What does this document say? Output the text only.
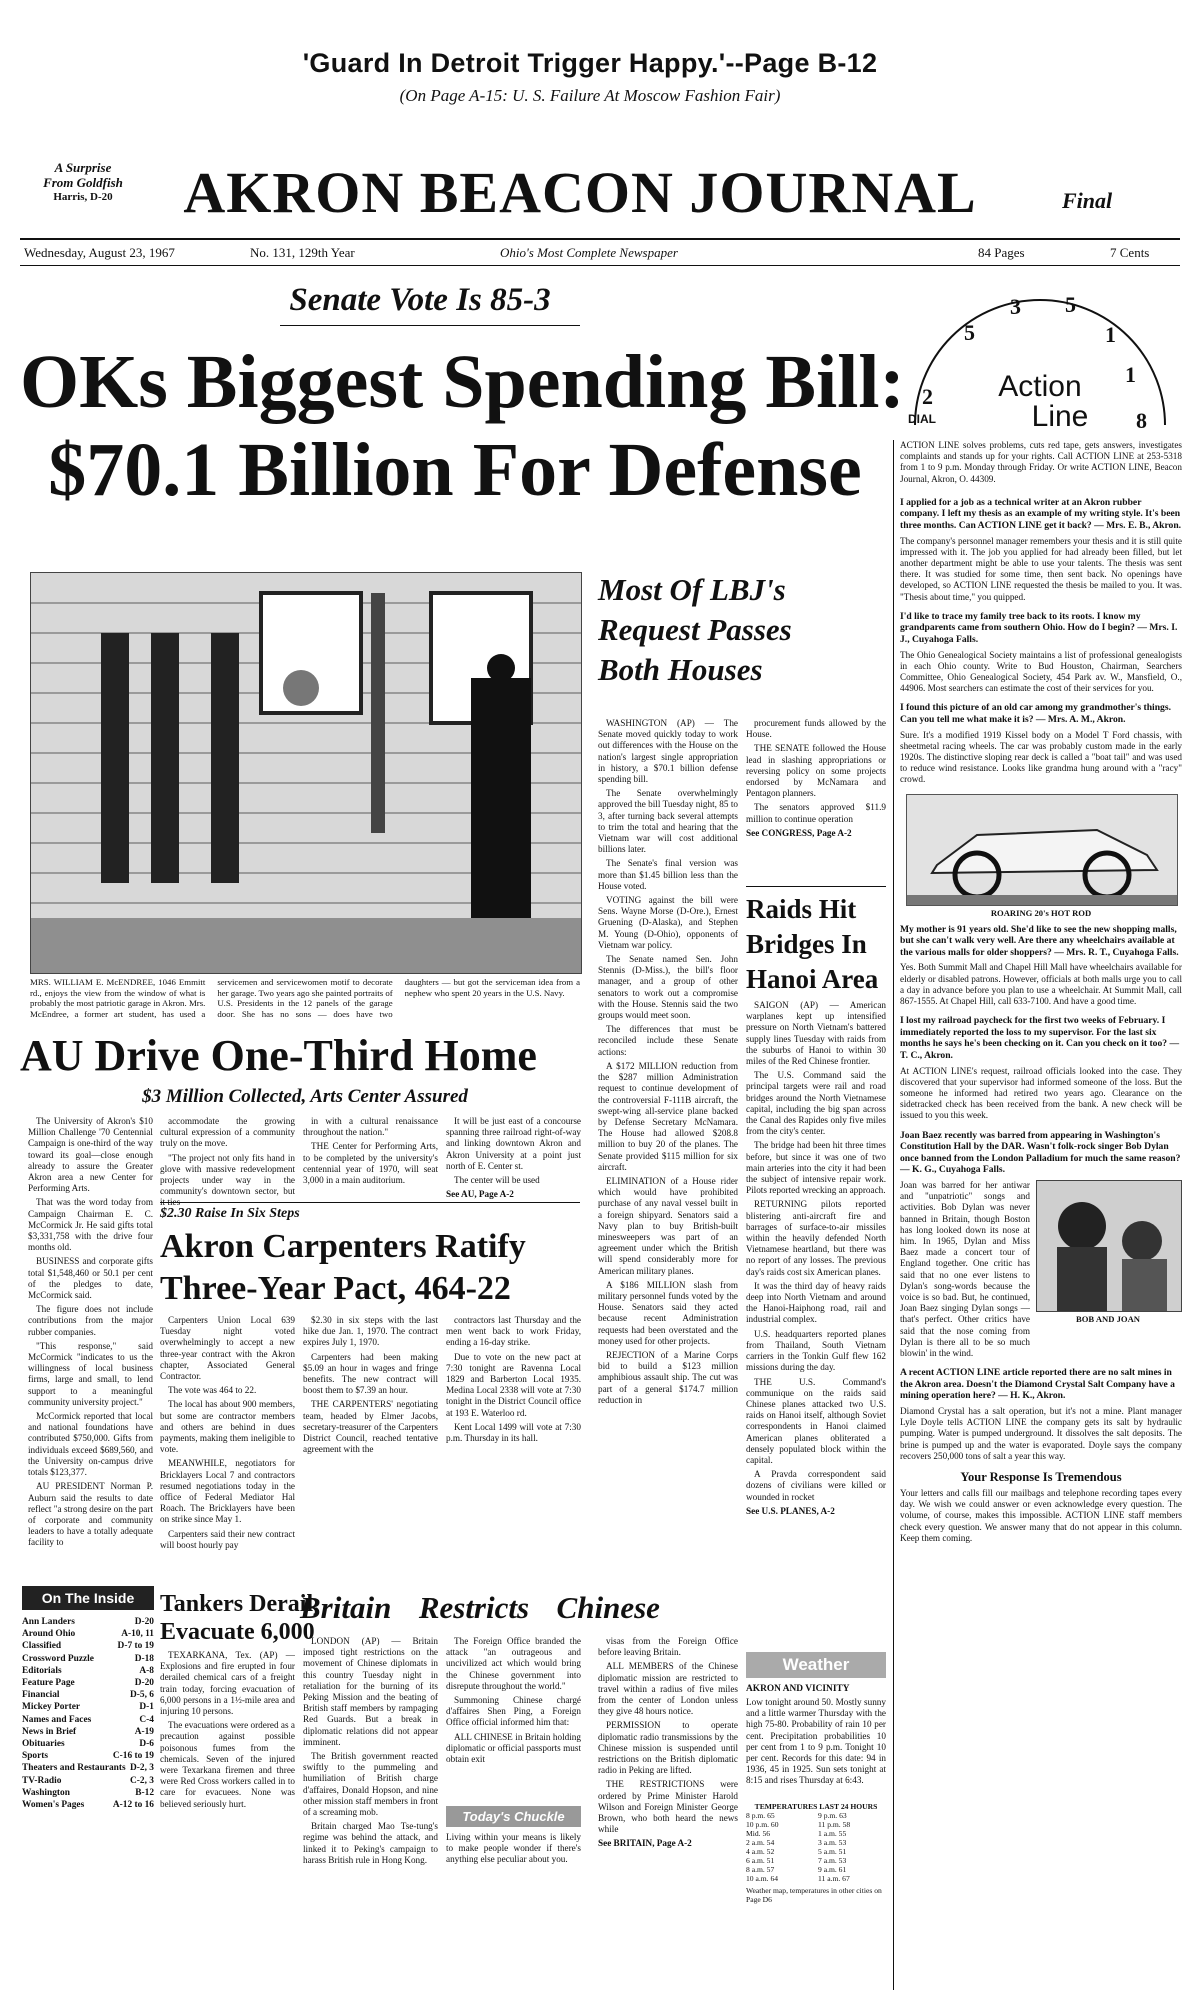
'Guard In Detroit Trigger Happy.'--Page B-12
(On Page A-15: U. S. Failure At Moscow Fashion Fair)
A Surprise
From Goldfish
Harris, D-20	AKRON BEACON JOURNAL	Final
Wednesday, August 23, 1967	No. 131, 129th Year	Ohio's Most Complete Newspaper	84 Pages	7 Cents
Senate Vote Is 85-3
OKs Biggest Spending Bill:
$70.1 Billion For Defense
MRS. WILLIAM E. McENDREE, 1046 Emmitt rd., enjoys the view from the window of what is probably the most patriotic garage in Akron. Mrs. McEndree, a former art student, has used a servicemen and servicewomen motif to decorate her garage. Two years ago she painted portraits of U.S. Presidents in the 12 panels of the garage door. She has no sons — does have two daughters — but got the serviceman idea from a nephew who spent 20 years in the U.S. Navy.
Most Of LBJ's
Request Passes
Both Houses

WASHINGTON (AP) — The Senate moved quickly today to work out differences with the House on the nation's largest single appropriation in history, a $70.1 billion defense spending bill.

The Senate overwhelmingly approved the bill Tuesday night, 85 to 3, after turning back several attempts to trim the total and hearing that the Vietnam war will cost additional billions later.

The Senate's final version was more than $1.45 billion less than the House voted.

VOTING against the bill were Sens. Wayne Morse (D-Ore.), Ernest Gruening (D-Alaska), and Stephen M. Young (D-Ohio), opponents of Vietnam war policy.

The Senate named Sen. John Stennis (D-Miss.), the bill's floor manager, and a group of other senators to work out a compromise with the House. Stennis said the two groups would meet soon.

The differences that must be reconciled include these Senate actions:

A $172 MILLION reduction from the $287 million Administration request to continue development of the controversial F-111B aircraft, the swept-wing all-service plane backed by Defense Secretary McNamara. The House had allowed $208.8 million to buy 20 of the planes. The Senate provided $115 million for six aircraft.

ELIMINATION of a House rider which would have prohibited purchase of any naval vessel built in a foreign shipyard. Senators said a Navy plan to buy British-built minesweepers was part of an agreement under which the British will spend considerably more for American military planes.

A $186 MILLION slash from military personnel funds voted by the House. Senators said they acted because recent Administration requests had been overstated and the money used for other projects.

REJECTION of a Marine Corps bid to build a $123 million amphibious assault ship. The cut was part of a general $174.7 million reduction in

procurement funds allowed by the House.

THE SENATE followed the House lead in slashing appropriations or reversing policy on some projects endorsed by McNamara and Pentagon planners.

The senators approved $11.9 million to continue operation

See CONGRESS, Page A-2

Raids Hit
Bridges In
Hanoi Area

SAIGON (AP) — American warplanes kept up intensified pressure on North Vietnam's battered supply lines Tuesday with raids from the suburbs of Hanoi to within 30 miles of the Red Chinese frontier.

The U.S. Command said the principal targets were rail and road bridges around the North Vietnamese capital, including the big span across the Canal des Rapides only five miles from the city's center.

The bridge had been hit three times before, but since it was one of two main arteries into the city it had been the subject of intensive repair work. Pilots reported wrecking an approach.

RETURNING pilots reported blistering anti-aircraft fire and barrages of surface-to-air missiles within the heavily defended North Vietnamese heartland, but there was no report of any losses. The previous day's raids cost six American planes.

It was the third day of heavy raids deep into North Vietnam and around the Hanoi-Haiphong road, rail and industrial complex.

U.S. headquarters reported planes from Thailand, South Vietnam carriers in the Tonkin Gulf flew 162 missions during the day.

THE U.S. Command's communique on the raids said Chinese planes attacked two U.S. raids on Hanoi itself, although Soviet correspondents in Hanoi claimed American planes obliterated a densely populated block within the capital.

A Pravda correspondent said dozens of civilians were killed or wounded in rocket

See U.S. PLANES, A-2

AU Drive One-Third Home
$3 Million Collected, Arts Center Assured

The University of Akron's $10 Million Challenge '70 Centennial Campaign is one-third of the way toward its goal—close enough already to assure the Greater Akron area a new Center for Performing Arts.

That was the word today from Campaign Chairman E. C. McCormick Jr. He said gifts total $3,331,758 with the drive four months old.

BUSINESS and corporate gifts total $1,548,460 or 50.1 per cent of the pledges to date, McCormick said.

The figure does not include contributions from the major rubber companies.

"This response," said McCormick "indicates to us the willingness of local business firms, large and small, to lend support to a meaningful community university project."

McCormick reported that local and national foundations have contributed $750,000. Gifts from individuals exceed $689,560, and the University on-campus drive totals $123,377.

AU PRESIDENT Norman P. Auburn said the results to date reflect "a strong desire on the part of corporate and community leaders to have a totally adequate facility to

accommodate the growing cultural expression of a community truly on the move.

"The project not only fits hand in glove with massive redevelopment projects under way in the community's downtown sector, but

in with a cultural renaissance throughout the nation."

THE Center for Performing Arts, to be completed by the university's centennial year of 1970, will seat 3,000 in a main auditorium.

It will be just east of a concourse spanning three railroad right-of-way and linking downtown Akron and Akron University at a point just north of E. Center st.

The center will be used

See AU, Page A-2

$2.30 Raise In Six Steps
Akron Carpenters Ratify
Three-Year Pact, 464-22

Carpenters Union Local 639 Tuesday night voted overwhelmingly to accept a new three-year contract with the Akron chapter, Associated General Contractor.

The vote was 464 to 22.

The local has about 900 members, but some are contractor members and others are behind in dues payments, making them ineligible to vote.

MEANWHILE, negotiators for Bricklayers Local 7 and contractors resumed negotiations today in the office of Federal Mediator Hal Roach. The Bricklayers have been on strike since May 1.

Carpenters said their new contract will boost hourly pay

$2.30 in six steps with the last hike due Jan. 1, 1970. The contract expires July 1, 1970.

Carpenters had been making $5.09 an hour in wages and fringe benefits. The new contract will boost them to $7.39 an hour.

THE CARPENTERS' negotiating team, headed by Elmer Jacobs, secretary-treasurer of the Carpenters District Council, reached tentative agreement with the

contractors last Thursday and the men went back to work Friday, ending a 16-day strike.

Due to vote on the new pact at 7:30 tonight are Ravenna Local 1829 and Barberton Local 1935. Medina Local 2338 will vote at 7:30 tonight in the District Council office at 193 E. Waterloo rd.

Kent Local 1499 will vote at 7:30 p.m. Thursday in its hall.

On The Inside
Ann Landers	D-20
Around Ohio	A-10, 11
Classified	D-7 to 19
Crossword Puzzle	D-18
Editorials	A-8
Feature Page	D-20
Financial	D-5, 6
Mickey Porter	D-1
Names and Faces	C-4
News in Brief	A-19
Obituaries	D-6
Sports	C-16 to 19
Theaters and Restaurants D-2, 3
TV-Radio	C-2, 3
Washington	B-12
Women's Pages	A-12 to 16
Tankers Derail,
Evacuate 6,000

TEXARKANA, Tex. (AP) — Explosions and fire erupted in four derailed chemical cars of a freight train today, forcing evacuation of 6,000 persons in a 1½-mile area and injuring 10 persons.

The evacuations were ordered as a precaution against possible poisonous fumes from the chemicals. Seven of the injured were Texarkana firemen and three were Red Cross workers called in to care for evacuees. None was believed seriously hurt.

Britain  Restricts  Chinese

LONDON (AP) — Britain imposed tight restrictions on the movement of Chinese diplomats in this country Tuesday night in retaliation for the burning of its Peking Mission and the beating of British staff members by rampaging Red Guards. But a break in diplomatic relations did not appear imminent.

The British government reacted swiftly to the pummeling and humiliation of British charge d'affaires, Donald Hopson, and nine other mission staff members in front of a screaming mob.

Britain charged Mao Tse-tung's regime was behind the attack, and linked it to Peking's campaign to harass British rule in Hong Kong.

The Foreign Office branded the attack "an outrageous and uncivilized act which would bring the Chinese government into disrepute throughout the world."

Summoning Chinese chargé d'affaires Shen Ping, a Foreign Office official informed him that:

ALL CHINESE in Britain holding diplomatic or official passports must obtain exit

Today's Chuckle
Living within your means is likely to make people wonder if there's anything else peculiar about you.

visas from the Foreign Office before leaving Britain.

ALL MEMBERS of the Chinese diplomatic mission are restricted to travel within a radius of five miles from the center of London unless they give 48 hours notice.

PERMISSION to operate diplomatic radio transmissions by the Chinese mission is suspended until restrictions on the British diplomatic radio in Peking are lifted.

THE RESTRICTIONS were ordered by Prime Minister Harold Wilson and Foreign Minister George Brown, who both heard the news while

See BRITAIN, Page A-2

Weather
AKRON AND VICINITY
Low tonight around 50. Mostly sunny and a little warmer Thursday with the high 75-80. Probability of rain 10 per cent. Precipitation probabilities 10 per cent from 1 to 9 p.m. Tonight 10 per cent. Records for this date: 94 in 1936, 45 in 1925. Sun sets tonight at 8:15 and rises Thursday at 6:43.
TEMPERATURES LAST 24 HOURS
8 p.m. 65	9 p.m. 63
10 p.m. 60	11 p.m. 58
Mid. 56	1 a.m. 55
2 a.m. 54	3 a.m. 53
4 a.m. 52	5 a.m. 51
6 a.m. 51	7 a.m. 53
8 a.m. 57	9 a.m. 61
10 a.m. 64	11 a.m. 67
Weather map, temperatures in other cities on Page D6
3 5
1
5
1
2
8
Action
Line
DIAL
ACTION LINE solves problems, cuts red tape, gets answers, investigates complaints and stands up for your rights. Call ACTION LINE at 253-5318 from 1 to 9 p.m. Monday through Friday. Or write ACTION LINE, Beacon Journal, Akron, O. 44309.
I applied for a job as a technical writer at an Akron rubber company. I left my thesis as an example of my writing style. It's been three months. Can ACTION LINE get it back? — Mrs. E. B., Akron.
The company's personnel manager remembers your thesis and it is still quite impressed with it. The job you applied for had already been filled, but let another department might be able to use your talents. The thesis was sent there. It was studied for some time, then sent back. No openings have developed, so ACTION LINE requested the thesis be mailed to you. It was. "Thesis about time," you quipped.
I'd like to trace my family tree back to its roots. I know my grandparents came from southern Ohio. How do I begin? — Mrs. I. J., Cuyahoga Falls.
The Ohio Genealogical Society maintains a list of professional genealogists in each Ohio county. Write to Bud Houston, Chairman, Searchers Committee, Ohio Genealogical Society, 454 Park av. W., Mansfield, O., 44906. Most searchers can estimate the cost of their services for you.
I found this picture of an old car among my grandmother's things. Can you tell me what make it is? — Mrs. A. M., Akron.
Sure. It's a modified 1919 Kissel body on a Model T Ford chassis, with sheetmetal racing wheels. The car was probably custom made in the early 1920s. The distinctive sloping rear deck is called a "boat tail" and was used to reduce wind resistance. Looks like grandma hung around with a "racy" crowd.
ROARING 20's HOT ROD
My mother is 91 years old. She'd like to see the new shopping malls, but she can't walk very well. Are there any wheelchairs available at the various malls for older shoppers? — Mrs. R. T., Cuyahoga Falls.
Yes. Both Summit Mall and Chapel Hill Mall have wheelchairs available for elderly or disabled patrons. However, officials at both malls urge you to call a day in advance before you plan to use a wheelchair. At Summit Mall, call 867-1555. At Chapel Hill, call 633-7100. And have a good time.
I lost my railroad paycheck for the first two weeks of February. I immediately reported the loss to my supervisor. For the last six months he says he's been checking on it. Can you check on it too? — T. C., Akron.
At ACTION LINE's request, railroad officials looked into the case. They discovered that your supervisor had informed someone of the loss. But the someone he informed had retired two years ago. Clearance on the sidetracked check has been received from the bank. A new check will be issued to you this week.
Joan Baez recently was barred from appearing in Washington's Constitution Hall by the DAR. Wasn't folk-rock singer Bob Dylan once banned from the London Palladium for much the same reason? — K. G., Cuyahoga Falls.
Joan was barred for her antiwar and "unpatriotic" songs and activities. Bob Dylan was never banned in Britain, though Boston has long looked down its nose at him. In 1965, Dylan and Miss Baez made a concert tour of England together. One critic has said that no one ever listens to Dylan's song-words because the voice is so bad. But, he continued, Joan Baez singing Dylan songs — that's perfect. Other critics have said that the nose coming from Dylan is there all to be so much blowin' in the wind.
BOB AND JOAN
A recent ACTION LINE article reported there are no salt mines in the Akron area. Doesn't the Diamond Crystal Salt Company have a mining operation here? — H. K., Akron.
Diamond Crystal has a salt operation, but it's not a mine. Plant manager Lyle Doyle tells ACTION LINE the company gets its salt by hydraulic pumping. Water is pumped underground. It dissolves the salt deposits. The brine is pumped up and the water is evaporated. Doyle says the company recovers 250,000 tons of salt a year this way.
Your Response Is Tremendous
Your letters and calls fill our mailbags and telephone recording tapes every day. We wish we could answer or even acknowledge every question. The volume, of course, makes this impossible. ACTION LINE staff members check every question. We answer many that do not appear in this column. Keep them coming.
